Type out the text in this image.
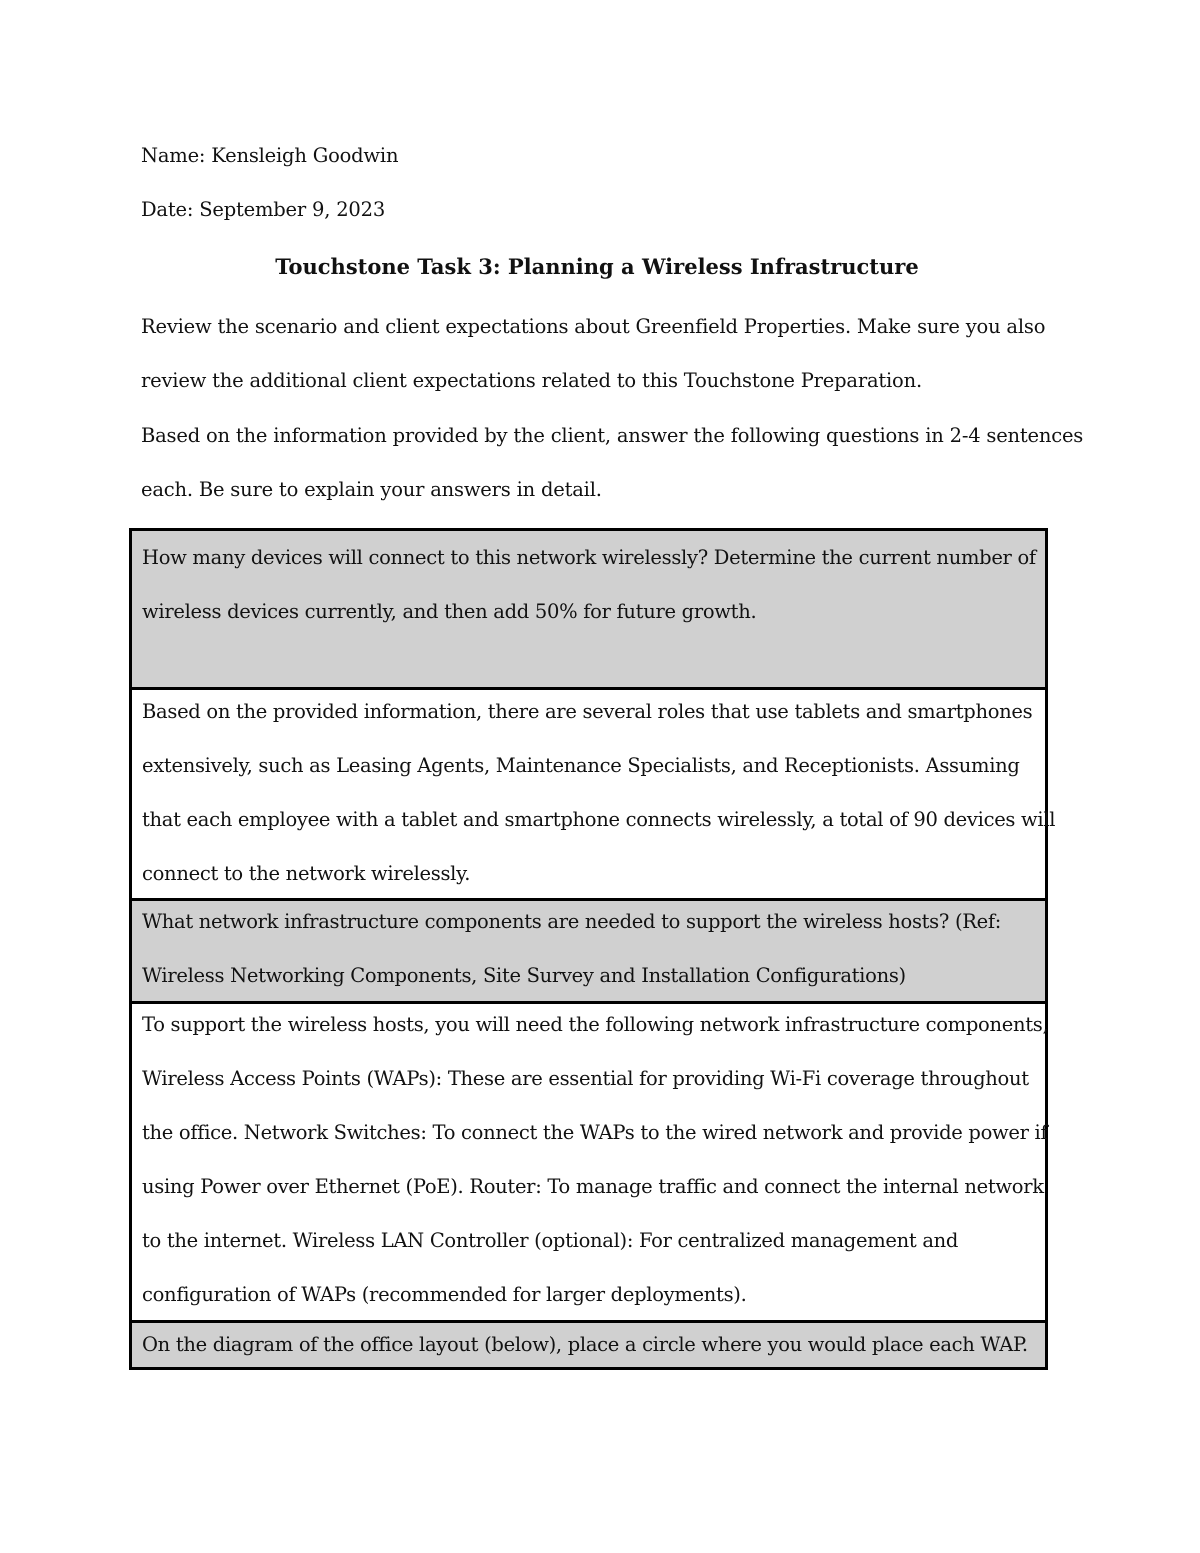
Name: Kensleigh Goodwin
Date: September 9, 2023
Touchstone Task 3: Planning a Wireless Infrastructure
Review the scenario and client expectations about Greenfield Properties. Make sure you also
review the additional client expectations related to this Touchstone Preparation.
Based on the information provided by the client, answer the following questions in 2-4 sentences
each. Be sure to explain your answers in detail.

How many devices will connect to this network wirelessly? Determine the current number of

wireless devices currently, and then add 50% for future growth.

Based on the provided information, there are several roles that use tablets and smartphones

extensively, such as Leasing Agents, Maintenance Specialists, and Receptionists. Assuming

that each employee with a tablet and smartphone connects wirelessly, a total of 90 devices will

connect to the network wirelessly.

What network infrastructure components are needed to support the wireless hosts? (Ref:

Wireless Networking Components, Site Survey and Installation Configurations)

To support the wireless hosts, you will need the following network infrastructure components,

Wireless Access Points (WAPs): These are essential for providing Wi-Fi coverage throughout

the office. Network Switches: To connect the WAPs to the wired network and provide power if

using Power over Ethernet (PoE). Router: To manage traffic and connect the internal network

to the internet. Wireless LAN Controller (optional): For centralized management and

configuration of WAPs (recommended for larger deployments).

On the diagram of the office layout (below), place a circle where you would place each WAP.
